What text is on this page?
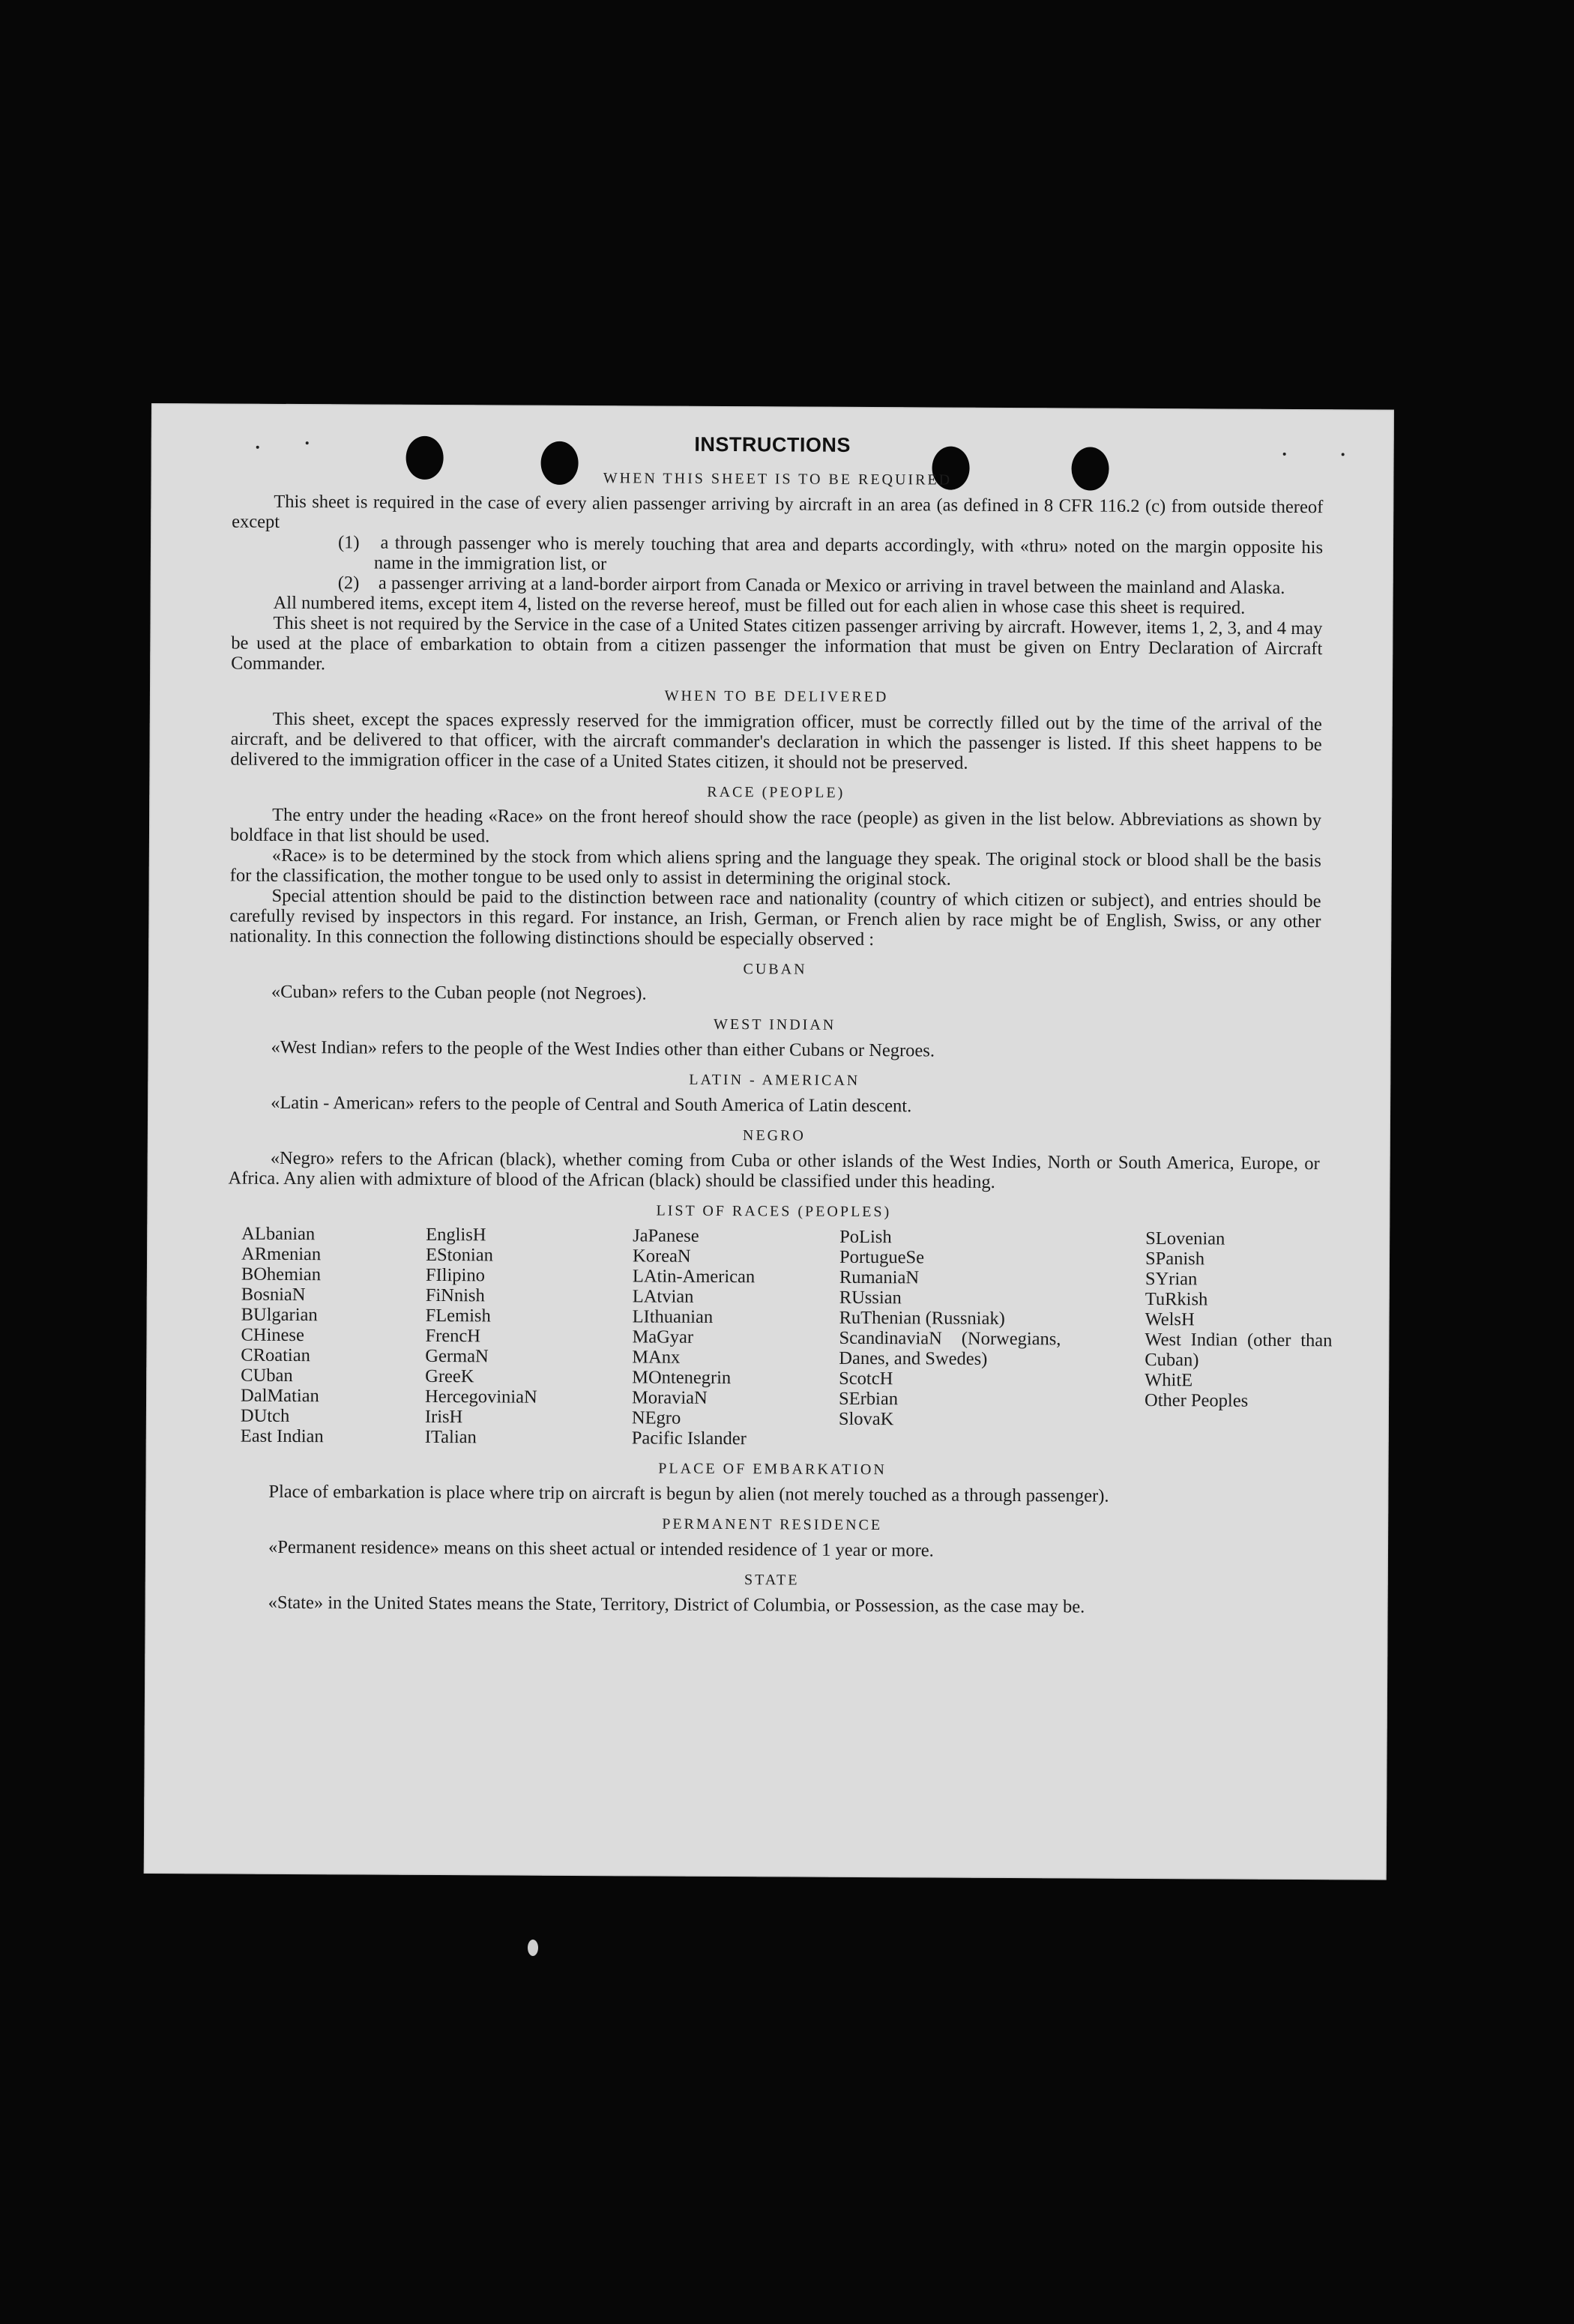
INSTRUCTIONS
WHEN THIS SHEET IS TO BE REQUIRED

This sheet is required in the case of every alien passenger arriving by aircraft in an area (as defined in 8 CFR 116.2 (c) from outside thereof except

(1) a through passenger who is merely touching that area and departs accordingly, with «thru» noted on the margin opposite his name in the immigration list, or

(2) a passenger arriving at a land-border airport from Canada or Mexico or arriving in travel between the mainland and Alaska.

All numbered items, except item 4, listed on the reverse hereof, must be filled out for each alien in whose case this sheet is required.

This sheet is not required by the Service in the case of a United States citizen passenger arriving by aircraft. However, items 1, 2, 3, and 4 may be used at the place of embarkation to obtain from a citizen passenger the information that must be given on Entry Declaration of Aircraft Commander.

WHEN TO BE DELIVERED

This sheet, except the spaces expressly reserved for the immigration officer, must be correctly filled out by the time of the arrival of the aircraft, and be delivered to that officer, with the aircraft commander's declaration in which the passenger is listed. If this sheet happens to be delivered to the immigration officer in the case of a United States citizen, it should not be preserved.

RACE (PEOPLE)

The entry under the heading «Race» on the front hereof should show the race (people) as given in the list below. Abbreviations as shown by boldface in that list should be used.

«Race» is to be determined by the stock from which aliens spring and the language they speak. The original stock or blood shall be the basis for the classification, the mother tongue to be used only to assist in determining the original stock.

Special attention should be paid to the distinction between race and nationality (country of which citizen or subject), and entries should be carefully revised by inspectors in this regard. For instance, an Irish, German, or French alien by race might be of English, Swiss, or any other nationality. In this connection the following distinctions should be especially observed :

CUBAN

«Cuban» refers to the Cuban people (not Negroes).

WEST INDIAN

«West Indian» refers to the people of the West Indies other than either Cubans or Negroes.

LATIN - AMERICAN

«Latin - American» refers to the people of Central and South America of Latin descent.

NEGRO

«Negro» refers to the African (black), whether coming from Cuba or other islands of the West Indies, North or South America, Europe, or Africa. Any alien with admixture of blood of the African (black) should be classified under this heading.

LIST OF RACES (PEOPLES)
ALbanian
ARmenian
BOhemian
BosniaN
BUlgarian
CHinese
CRoatian
CUban
DalMatian
DUtch
East Indian
EnglisH
EStonian
FIlipino
FiNnish
FLemish
FrencH
GermaN
GreeK
HercegoviniaN
IrisH
ITalian
JaPanese
KoreaN
LAtin-American
LAtvian
LIthuanian
MaGyar
MAnx
MOntenegrin
MoraviaN
NEgro
Pacific Islander
PoLish
PortugueSe
RumaniaN
RUssian
RuThenian (Russniak)
ScandinaviaN (Norwegians, Danes, and Swedes)
ScotcH
SErbian
SlovaK
SLovenian
SPanish
SYrian
TuRkish
WelsH
West Indian (other than Cuban)
WhitE
Other Peoples
PLACE OF EMBARKATION

Place of embarkation is place where trip on aircraft is begun by alien (not merely touched as a through passenger).

PERMANENT RESIDENCE

«Permanent residence» means on this sheet actual or intended residence of 1 year or more.

STATE

«State» in the United States means the State, Territory, District of Columbia, or Possession, as the case may be.
